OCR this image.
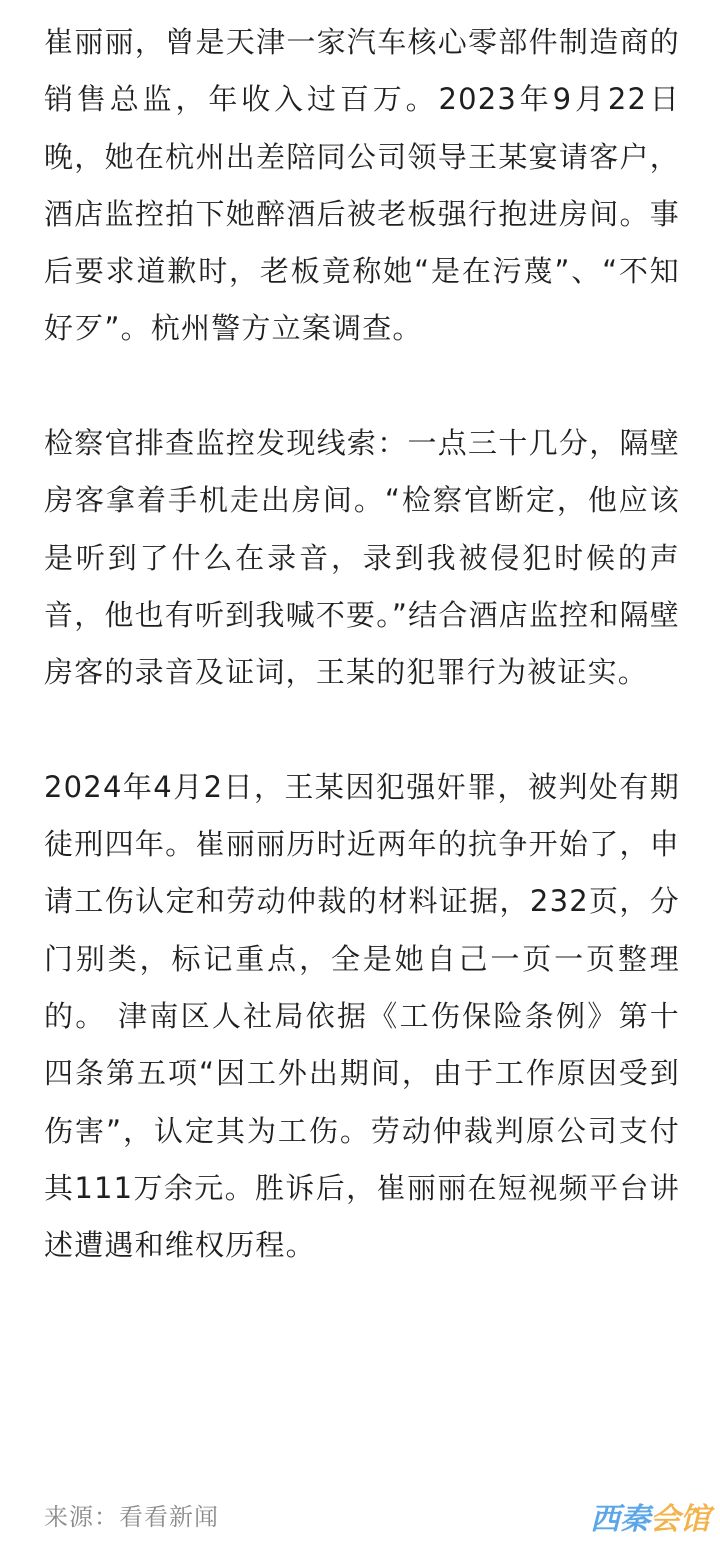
崔丽丽，曾是天津一家汽车核心零部件制造商的销售总监，年收入过百万。2023年9月22日晚，她在杭州出差陪同公司领导王某宴请客户，酒店监控拍下她醉酒后被老板强行抱进房间。事后要求道歉时，老板竟称她“是在污蔑”、“不知好歹”。杭州警方立案调查。

检察官排查监控发现线索：一点三十几分，隔壁房客拿着手机走出房间。“检察官断定，他应该是听到了什么在录音，录到我被侵犯时候的声音，他也有听到我喊不要。”结合酒店监控和隔壁房客的录音及证词，王某的犯罪行为被证实。

2024年4月2日，王某因犯强奸罪，被判处有期徒刑四年。崔丽丽历时近两年的抗争开始了，申请工伤认定和劳动仲裁的材料证据，232页，分门别类，标记重点，全是她自己一页一页整理的。 津南区人社局依据《工伤保险条例》第十四条第五项“因工外出期间，由于工作原因受到伤害”，认定其为工伤。劳动仲裁判原公司支付其111万余元。胜诉后，崔丽丽在短视频平台讲述遭遇和维权历程。

来源：看看新闻	西秦会馆
